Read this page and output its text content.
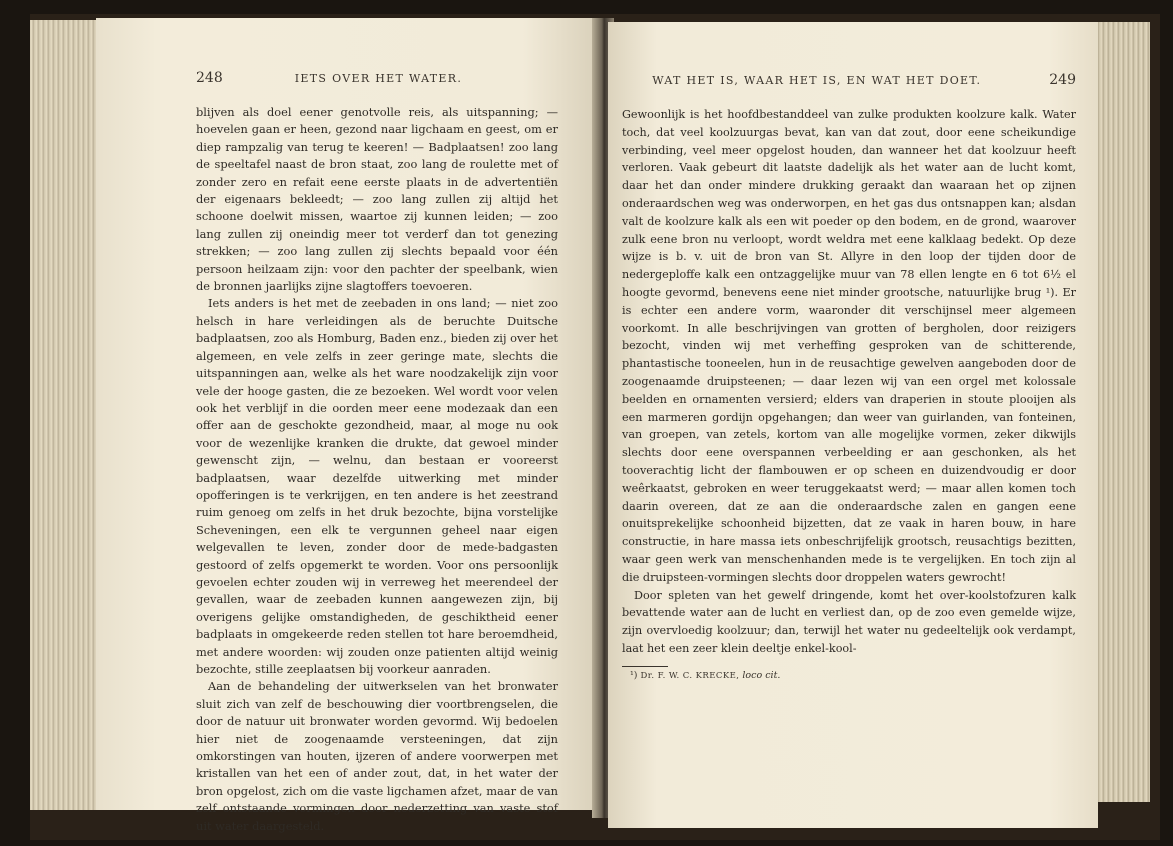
248	IETS OVER HET WATER.

blijven als doel eener genotvolle reis, als uitspanning; — hoevelen gaan er heen, gezond naar ligchaam en geest, om er diep rampzalig van terug te keeren! — Badplaatsen! zoo lang de speeltafel naast de bron staat, zoo lang de roulette met of zonder zero en refait eene eerste plaats in de advertentiën der eigenaars bekleedt; — zoo lang zullen zij altijd het schoone doelwit missen, waartoe zij kunnen leiden; — zoo lang zullen zij oneindig meer tot verderf dan tot genezing strekken; — zoo lang zullen zij slechts bepaald voor één persoon heilzaam zijn: voor den pachter der speelbank, wien de bronnen jaarlijks zijne slagtoffers toevoeren.

Iets anders is het met de zeebaden in ons land; — niet zoo helsch in hare verleidingen als de beruchte Duitsche badplaatsen, zoo als Homburg, Baden enz., bieden zij over het algemeen, en vele zelfs in zeer geringe mate, slechts die uitspanningen aan, welke als het ware noodzakelijk zijn voor vele der hooge gasten, die ze bezoeken. Wel wordt voor velen ook het verblijf in die oorden meer eene modezaak dan een offer aan de geschokte gezondheid, maar, al moge nu ook voor de wezenlijke kranken die drukte, dat gewoel minder gewenscht zijn, — welnu, dan bestaan er vooreerst badplaatsen, waar dezelfde uitwerking met minder opofferingen is te verkrijgen, en ten andere is het zeestrand ruim genoeg om zelfs in het druk bezochte, bijna vorstelijke Scheveningen, een elk te vergunnen geheel naar eigen welgevallen te leven, zonder door de mede-badgasten gestoord of zelfs opgemerkt te worden. Voor ons persoonlijk gevoelen echter zouden wij in verreweg het meerendeel der gevallen, waar de zeebaden kunnen aangewezen zijn, bij overigens gelijke omstandigheden, de geschiktheid eener badplaats in omgekeerde reden stellen tot hare beroemdheid, met andere woorden: wij zouden onze patienten altijd weinig bezochte, stille zeeplaatsen bij voorkeur aanraden.

Aan de behandeling der uitwerkselen van het bronwater sluit zich van zelf de beschouwing dier voortbrengselen, die door de natuur uit bronwater worden gevormd. Wij bedoelen hier niet de zoogenaamde versteeningen, dat zijn omkorstingen van houten, ijzeren of andere voorwerpen met kristallen van het een of ander zout, dat, in het water der bron opgelost, zich om die vaste ligchamen afzet, maar de van zelf ontstaande vormingen door nederzetting van vaste stof uit water daargesteld.

WAT HET IS, WAAR HET IS, EN WAT HET DOET.	249

Gewoonlijk is het hoofdbestanddeel van zulke produkten koolzure kalk. Water toch, dat veel koolzuurgas bevat, kan van dat zout, door eene scheikundige verbinding, veel meer opgelost houden, dan wanneer het dat koolzuur heeft verloren. Vaak gebeurt dit laatste dadelijk als het water aan de lucht komt, daar het dan onder mindere drukking geraakt dan waaraan het op zijnen onderaardschen weg was onderworpen, en het gas dus ontsnappen kan; alsdan valt de koolzure kalk als een wit poeder op den bodem, en de grond, waarover zulk eene bron nu verloopt, wordt weldra met eene kalklaag bedekt. Op deze wijze is b. v. uit de bron van St. Allyre in den loop der tijden door de nedergeploffe kalk een ontzaggelijke muur van 78 ellen lengte en 6 tot 6½ el hoogte gevormd, benevens eene niet minder grootsche, natuurlijke brug ¹). Er is echter een andere vorm, waaronder dit verschijnsel meer algemeen voorkomt. In alle beschrijvingen van grotten of bergholen, door reizigers bezocht, vinden wij met verheffing gesproken van de schitterende, phantastische tooneelen, hun in de reusachtige gewelven aangeboden door de zoogenaamde druipsteenen; — daar lezen wij van een orgel met kolossale beelden en ornamenten versierd; elders van draperien in stoute plooijen als een marmeren gordijn opgehangen; dan weer van guirlanden, van fonteinen, van groepen, van zetels, kortom van alle mogelijke vormen, zeker dikwijls slechts door eene overspannen verbeelding er aan geschonken, als het tooverachtig licht der flambouwen er op scheen en duizendvoudig er door weêrkaatst, gebroken en weer teruggekaatst werd; — maar allen komen toch daarin overeen, dat ze aan die onderaardsche zalen en gangen eene onuitsprekelijke schoonheid bijzetten, dat ze vaak in haren bouw, in hare constructie, in hare massa iets onbeschrijfelijk grootsch, reusachtigs bezitten, waar geen werk van menschenhanden mede is te vergelijken. En toch zijn al die druipsteen-vormingen slechts door droppelen waters gewrocht!

Door spleten van het gewelf dringende, komt het over-koolstofzuren kalk bevattende water aan de lucht en verliest dan, op de zoo even gemelde wijze, zijn overvloedig koolzuur; dan, terwijl het water nu gedeeltelijk ook verdampt, laat het een zeer klein deeltje enkel-kool-

¹) Dr. F. W. C. KRECKE, loco cit.
